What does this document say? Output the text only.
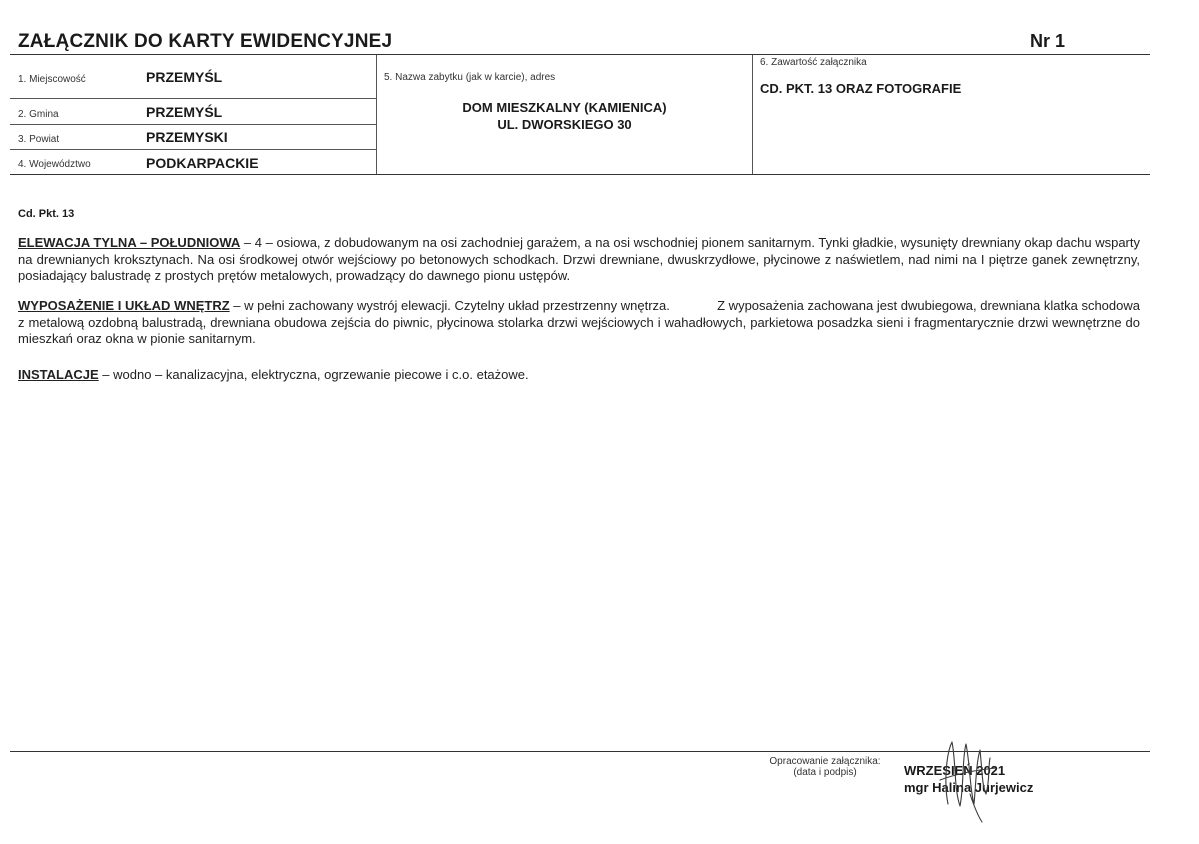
ZAŁĄCZNIK DO KARTY EWIDENCYJNEJ	Nr 1
1. Miejscowość	PRZEMYŚL
2. Gmina	PRZEMYŚL
3. Powiat	PRZEMYSKI
4. Województwo	PODKARPACKIE
5. Nazwa zabytku (jak w karcie), adres
DOM MIESZKALNY (KAMIENICA)
UL. DWORSKIEGO 30
6. Zawartość załącznika
CD. PKT. 13 ORAZ FOTOGRAFIE
Cd. Pkt. 13
ELEWACJA TYLNA – POŁUDNIOWA – 4 – osiowa, z dobudowanym na osi zachodniej garażem, a na osi wschodniej pionem sanitarnym. Tynki gładkie, wysunięty drewniany okap dachu wsparty na drewnianych kroksztynach. Na osi środkowej otwór wejściowy po betonowych schodkach. Drzwi drewniane, dwuskrzydłowe, płycinowe z naświetlem, nad nimi na I piętrze ganek zewnętrzny, posiadający balustradę z prostych prętów metalowych, prowadzący do dawnego pionu ustępów.
WYPOSAŻENIE I UKŁAD WNĘTRZ – w pełni zachowany wystrój elewacji. Czytelny układ przestrzenny wnętrza.             Z wyposażenia zachowana jest dwubiegowa, drewniana klatka schodowa z metalową ozdobną balustradą, drewniana obudowa zejścia do piwnic, płycinowa stolarka drzwi wejściowych i wahadłowych, parkietowa posadzka sieni i fragmentarycznie drzwi wewnętrzne do mieszkań oraz okna w pionie sanitarnym.
INSTALACJE – wodno – kanalizacyjna, elektryczna, ogrzewanie piecowe i c.o. etażowe.
Opracowanie załącznika:
(data i podpis)	WRZESIEŃ 2021
mgr Halina Jurjewicz
